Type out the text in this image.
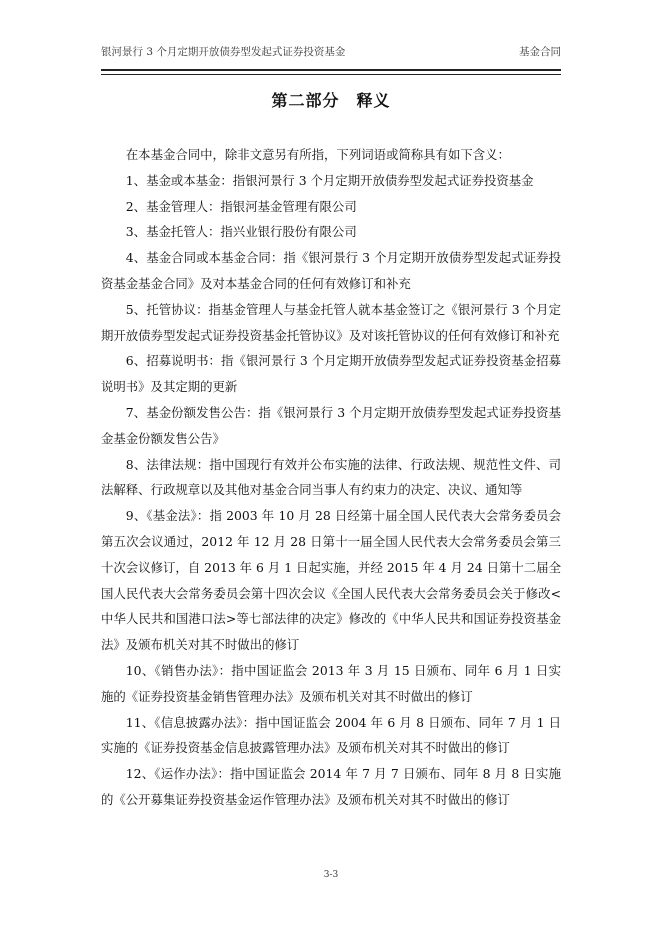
银河景行 3 个月定期开放债券型发起式证券投资基金	基金合同
第二部分　释义

在本基金合同中，除非文意另有所指，下列词语或简称具有如下含义：

1、基金或本基金：指银河景行 3 个月定期开放债券型发起式证券投资基金

2、基金管理人：指银河基金管理有限公司

3、基金托管人：指兴业银行股份有限公司

4、基金合同或本基金合同：指《银河景行 3 个月定期开放债券型发起式证券投资基金基金合同》及对本基金合同的任何有效修订和补充

5、托管协议：指基金管理人与基金托管人就本基金签订之《银河景行 3 个月定期开放债券型发起式证券投资基金托管协议》及对该托管协议的任何有效修订和补充

6、招募说明书：指《银河景行 3 个月定期开放债券型发起式证券投资基金招募说明书》及其定期的更新

7、基金份额发售公告：指《银河景行 3 个月定期开放债券型发起式证券投资基金基金份额发售公告》

8、法律法规：指中国现行有效并公布实施的法律、行政法规、规范性文件、司法解释、行政规章以及其他对基金合同当事人有约束力的决定、决议、通知等

9、《基金法》：指 2003 年 10 月 28 日经第十届全国人民代表大会常务委员会第五次会议通过，2012 年 12 月 28 日第十一届全国人民代表大会常务委员会第三十次会议修订，自 2013 年 6 月 1 日起实施，并经 2015 年 4 月 24 日第十二届全国人民代表大会常务委员会第十四次会议《全国人民代表大会常务委员会关于修改<中华人民共和国港口法>等七部法律的决定》修改的《中华人民共和国证券投资基金法》及颁布机关对其不时做出的修订

10、《销售办法》：指中国证监会 2013 年 3 月 15 日颁布、同年 6 月 1 日实施的《证券投资基金销售管理办法》及颁布机关对其不时做出的修订

11、《信息披露办法》：指中国证监会 2004 年 6 月 8 日颁布、同年 7 月 1 日实施的《证券投资基金信息披露管理办法》及颁布机关对其不时做出的修订

12、《运作办法》：指中国证监会 2014 年 7 月 7 日颁布、同年 8 月 8 日实施的《公开募集证券投资基金运作管理办法》及颁布机关对其不时做出的修订

3-3
